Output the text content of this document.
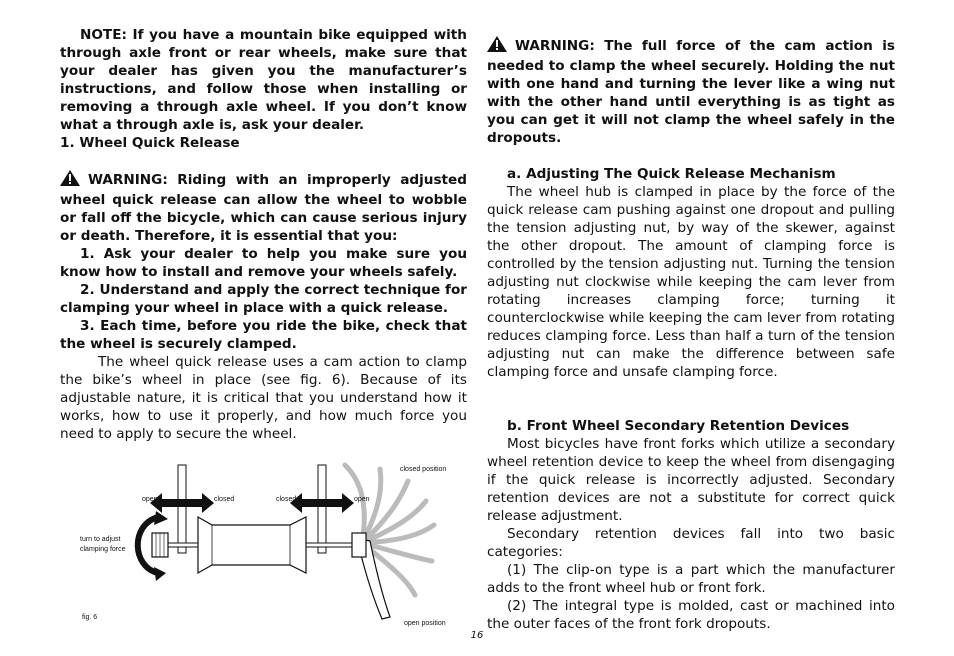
NOTE: If you have a mountain bike equipped with through axle front or rear wheels, make sure that your dealer has given you the manufacturer’s instructions, and follow those when installing or removing a through axle wheel. If you don’t know what a through axle is, ask your dealer.

1. Wheel Quick Release

WARNING: Riding with an improperly adjusted wheel quick release can allow the wheel to wobble or fall off the bicycle, which can cause serious injury or death. Therefore, it is essential that you:

1. Ask your dealer to help you make sure you know how to install and remove your wheels safely.

2. Understand and apply the correct technique for clamping your wheel in place with a quick release.

3. Each time, before you ride the bike, check that the wheel is securely clamped.

The wheel quick release uses a cam action to clamp the bike’s wheel in place (see fig. 6). Because of its adjustable nature, it is critical that you understand how it works, how to use it properly, and how much force you need to apply to secure the wheel.

open	closed	closed	open
closed position
turn to adjust
clamping force
open position
fig. 6

WARNING: The full force of the cam action is needed to clamp the wheel securely. Holding the nut with one hand and turning the lever like a wing nut with the other hand until everything is as tight as you can get it will not clamp the wheel safely in the dropouts.

a. Adjusting The Quick Release Mechanism

The wheel hub is clamped in place by the force of the quick release cam pushing against one dropout and pulling the tension adjusting nut, by way of the skewer, against the other dropout. The amount of clamping force is controlled by the tension adjusting nut. Turning the tension adjusting nut clockwise while keeping the cam lever from rotating increases clamping force; turning it counterclockwise while keeping the cam lever from rotating reduces clamping force. Less than half a turn of the tension adjusting nut can make the difference between safe clamping force and unsafe clamping force.

b. Front Wheel Secondary Retention Devices

Most bicycles have front forks which utilize a secondary wheel retention device to keep the wheel from disengaging if the quick release is incorrectly adjusted. Secondary retention devices are not a substitute for correct quick release adjustment.

Secondary retention devices fall into two basic categories:

(1) The clip-on type is a part which the manufacturer adds to the front wheel hub or front fork.

(2) The integral type is molded, cast or machined into the outer faces of the front fork dropouts.

16
